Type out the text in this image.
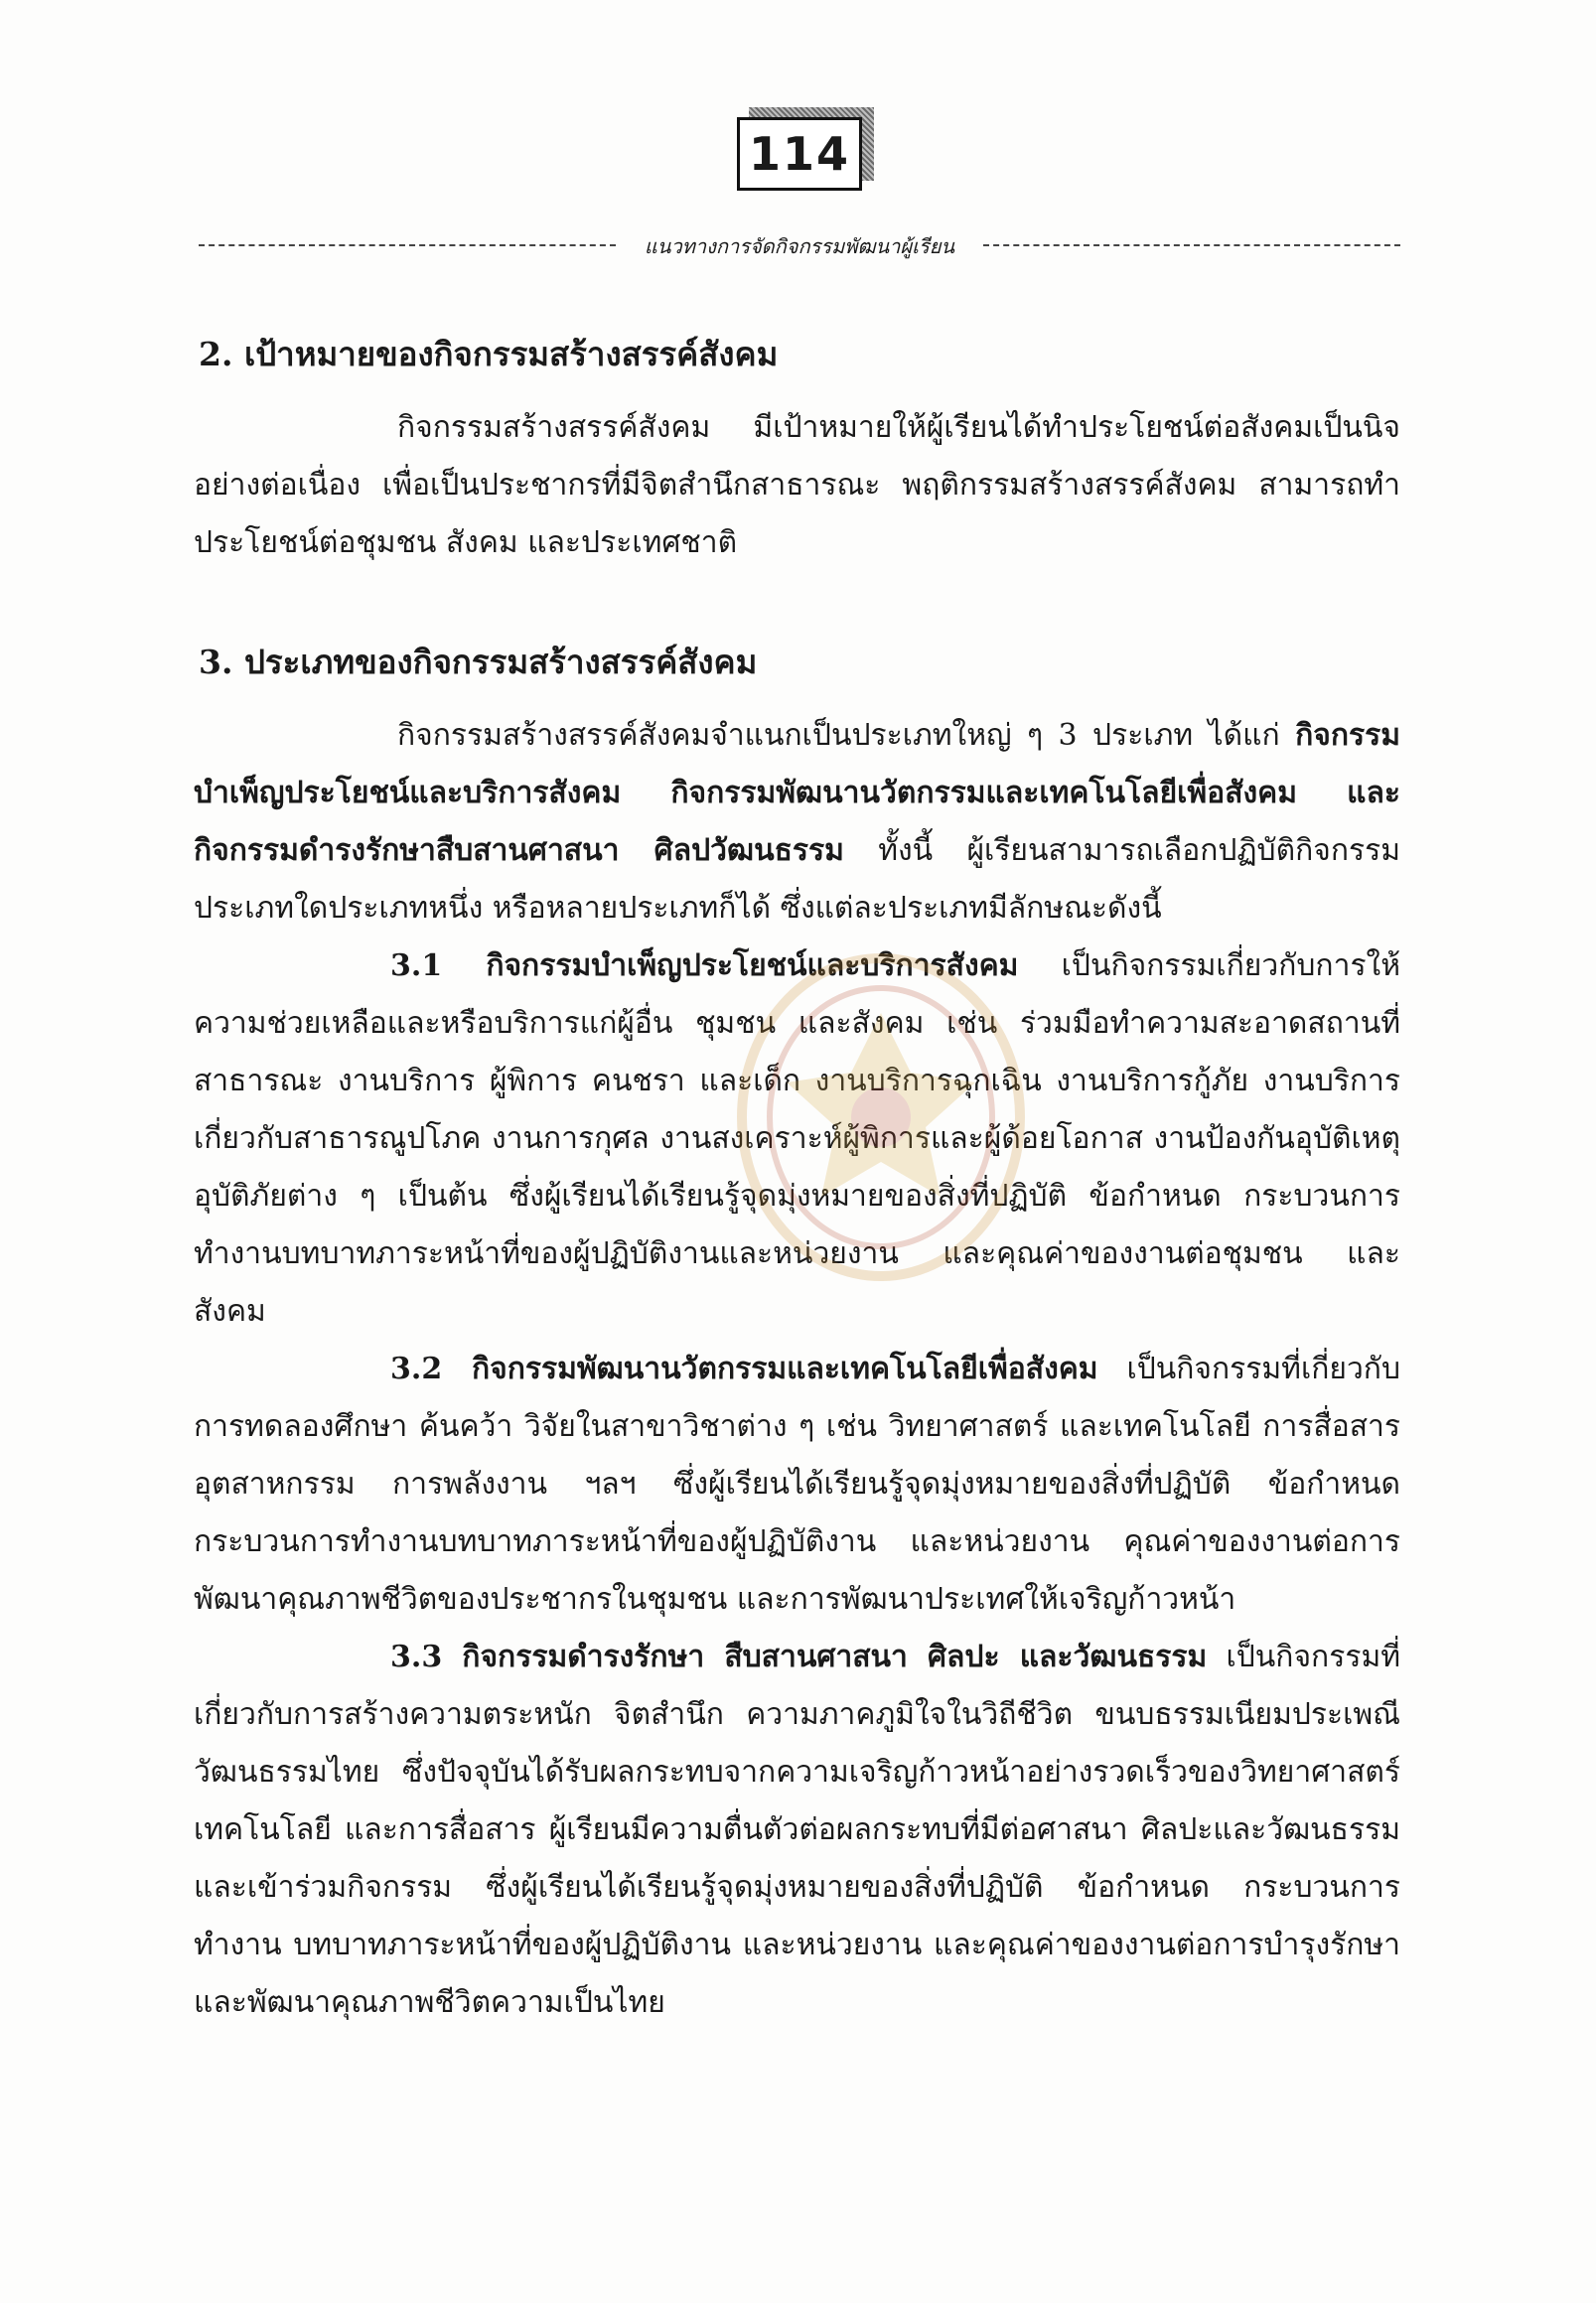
114
แนวทางการจัดกิจกรรมพัฒนาผู้เรียน
2. เป้าหมายของกิจกรรมสร้างสรรค์สังคม

กิจกรรมสร้างสรรค์สังคม มีเป้าหมายให้ผู้เรียนได้ทำประโยชน์ต่อสังคมเป็นนิจอย่างต่อเนื่อง เพื่อเป็นประชากรที่มีจิตสำนึกสาธารณะ พฤติกรรมสร้างสรรค์สังคม สามารถทำประโยชน์ต่อชุมชน สังคม และประเทศชาติ

3. ประเภทของกิจกรรมสร้างสรรค์สังคม

กิจกรรมสร้างสรรค์สังคมจำแนกเป็นประเภทใหญ่ ๆ 3 ประเภท ได้แก่ กิจกรรมบำเพ็ญประโยชน์และบริการสังคม กิจกรรมพัฒนานวัตกรรมและเทคโนโลยีเพื่อสังคม และกิจกรรมดำรงรักษาสืบสานศาสนา ศิลปวัฒนธรรม ทั้งนี้ ผู้เรียนสามารถเลือกปฏิบัติกิจกรรมประเภทใดประเภทหนึ่ง หรือหลายประเภทก็ได้ ซึ่งแต่ละประเภทมีลักษณะดังนี้

3.1 กิจกรรมบำเพ็ญประโยชน์และบริการสังคม เป็นกิจกรรมเกี่ยวกับการให้ความช่วยเหลือและหรือบริการแก่ผู้อื่น ชุมชน และสังคม เช่น ร่วมมือทำความสะอาดสถานที่สาธารณะ งานบริการ ผู้พิการ คนชรา และเด็ก งานบริการฉุกเฉิน งานบริการกู้ภัย งานบริการเกี่ยวกับสาธารณูปโภค งานการกุศล งานสงเคราะห์ผู้พิการและผู้ด้อยโอกาส งานป้องกันอุบัติเหตุ อุบัติภัยต่าง ๆ เป็นต้น ซึ่งผู้เรียนได้เรียนรู้จุดมุ่งหมายของสิ่งที่ปฏิบัติ ข้อกำหนด กระบวนการทำงานบทบาทภาระหน้าที่ของผู้ปฏิบัติงานและหน่วยงาน และคุณค่าของงานต่อชุมชน และสังคม

3.2 กิจกรรมพัฒนานวัตกรรมและเทคโนโลยีเพื่อสังคม เป็นกิจกรรมที่เกี่ยวกับการทดลองศึกษา ค้นคว้า วิจัยในสาขาวิชาต่าง ๆ เช่น วิทยาศาสตร์ และเทคโนโลยี การสื่อสาร อุตสาหกรรม การพลังงาน ฯลฯ ซึ่งผู้เรียนได้เรียนรู้จุดมุ่งหมายของสิ่งที่ปฏิบัติ ข้อกำหนด กระบวนการทำงานบทบาทภาระหน้าที่ของผู้ปฏิบัติงาน และหน่วยงาน คุณค่าของงานต่อการพัฒนาคุณภาพชีวิตของประชากรในชุมชน และการพัฒนาประเทศให้เจริญก้าวหน้า

3.3 กิจกรรมดำรงรักษา สืบสานศาสนา ศิลปะ และวัฒนธรรม เป็นกิจกรรมที่เกี่ยวกับการสร้างความตระหนัก จิตสำนึก ความภาคภูมิใจในวิถีชีวิต ขนบธรรมเนียมประเพณีวัฒนธรรมไทย ซึ่งปัจจุบันได้รับผลกระทบจากความเจริญก้าวหน้าอย่างรวดเร็วของวิทยาศาสตร์ เทคโนโลยี และการสื่อสาร ผู้เรียนมีความตื่นตัวต่อผลกระทบที่มีต่อศาสนา ศิลปะและวัฒนธรรม และเข้าร่วมกิจกรรม ซึ่งผู้เรียนได้เรียนรู้จุดมุ่งหมายของสิ่งที่ปฏิบัติ ข้อกำหนด กระบวนการทำงาน บทบาทภาระหน้าที่ของผู้ปฏิบัติงาน และหน่วยงาน และคุณค่าของงานต่อการบำรุงรักษาและพัฒนาคุณภาพชีวิตความเป็นไทย
